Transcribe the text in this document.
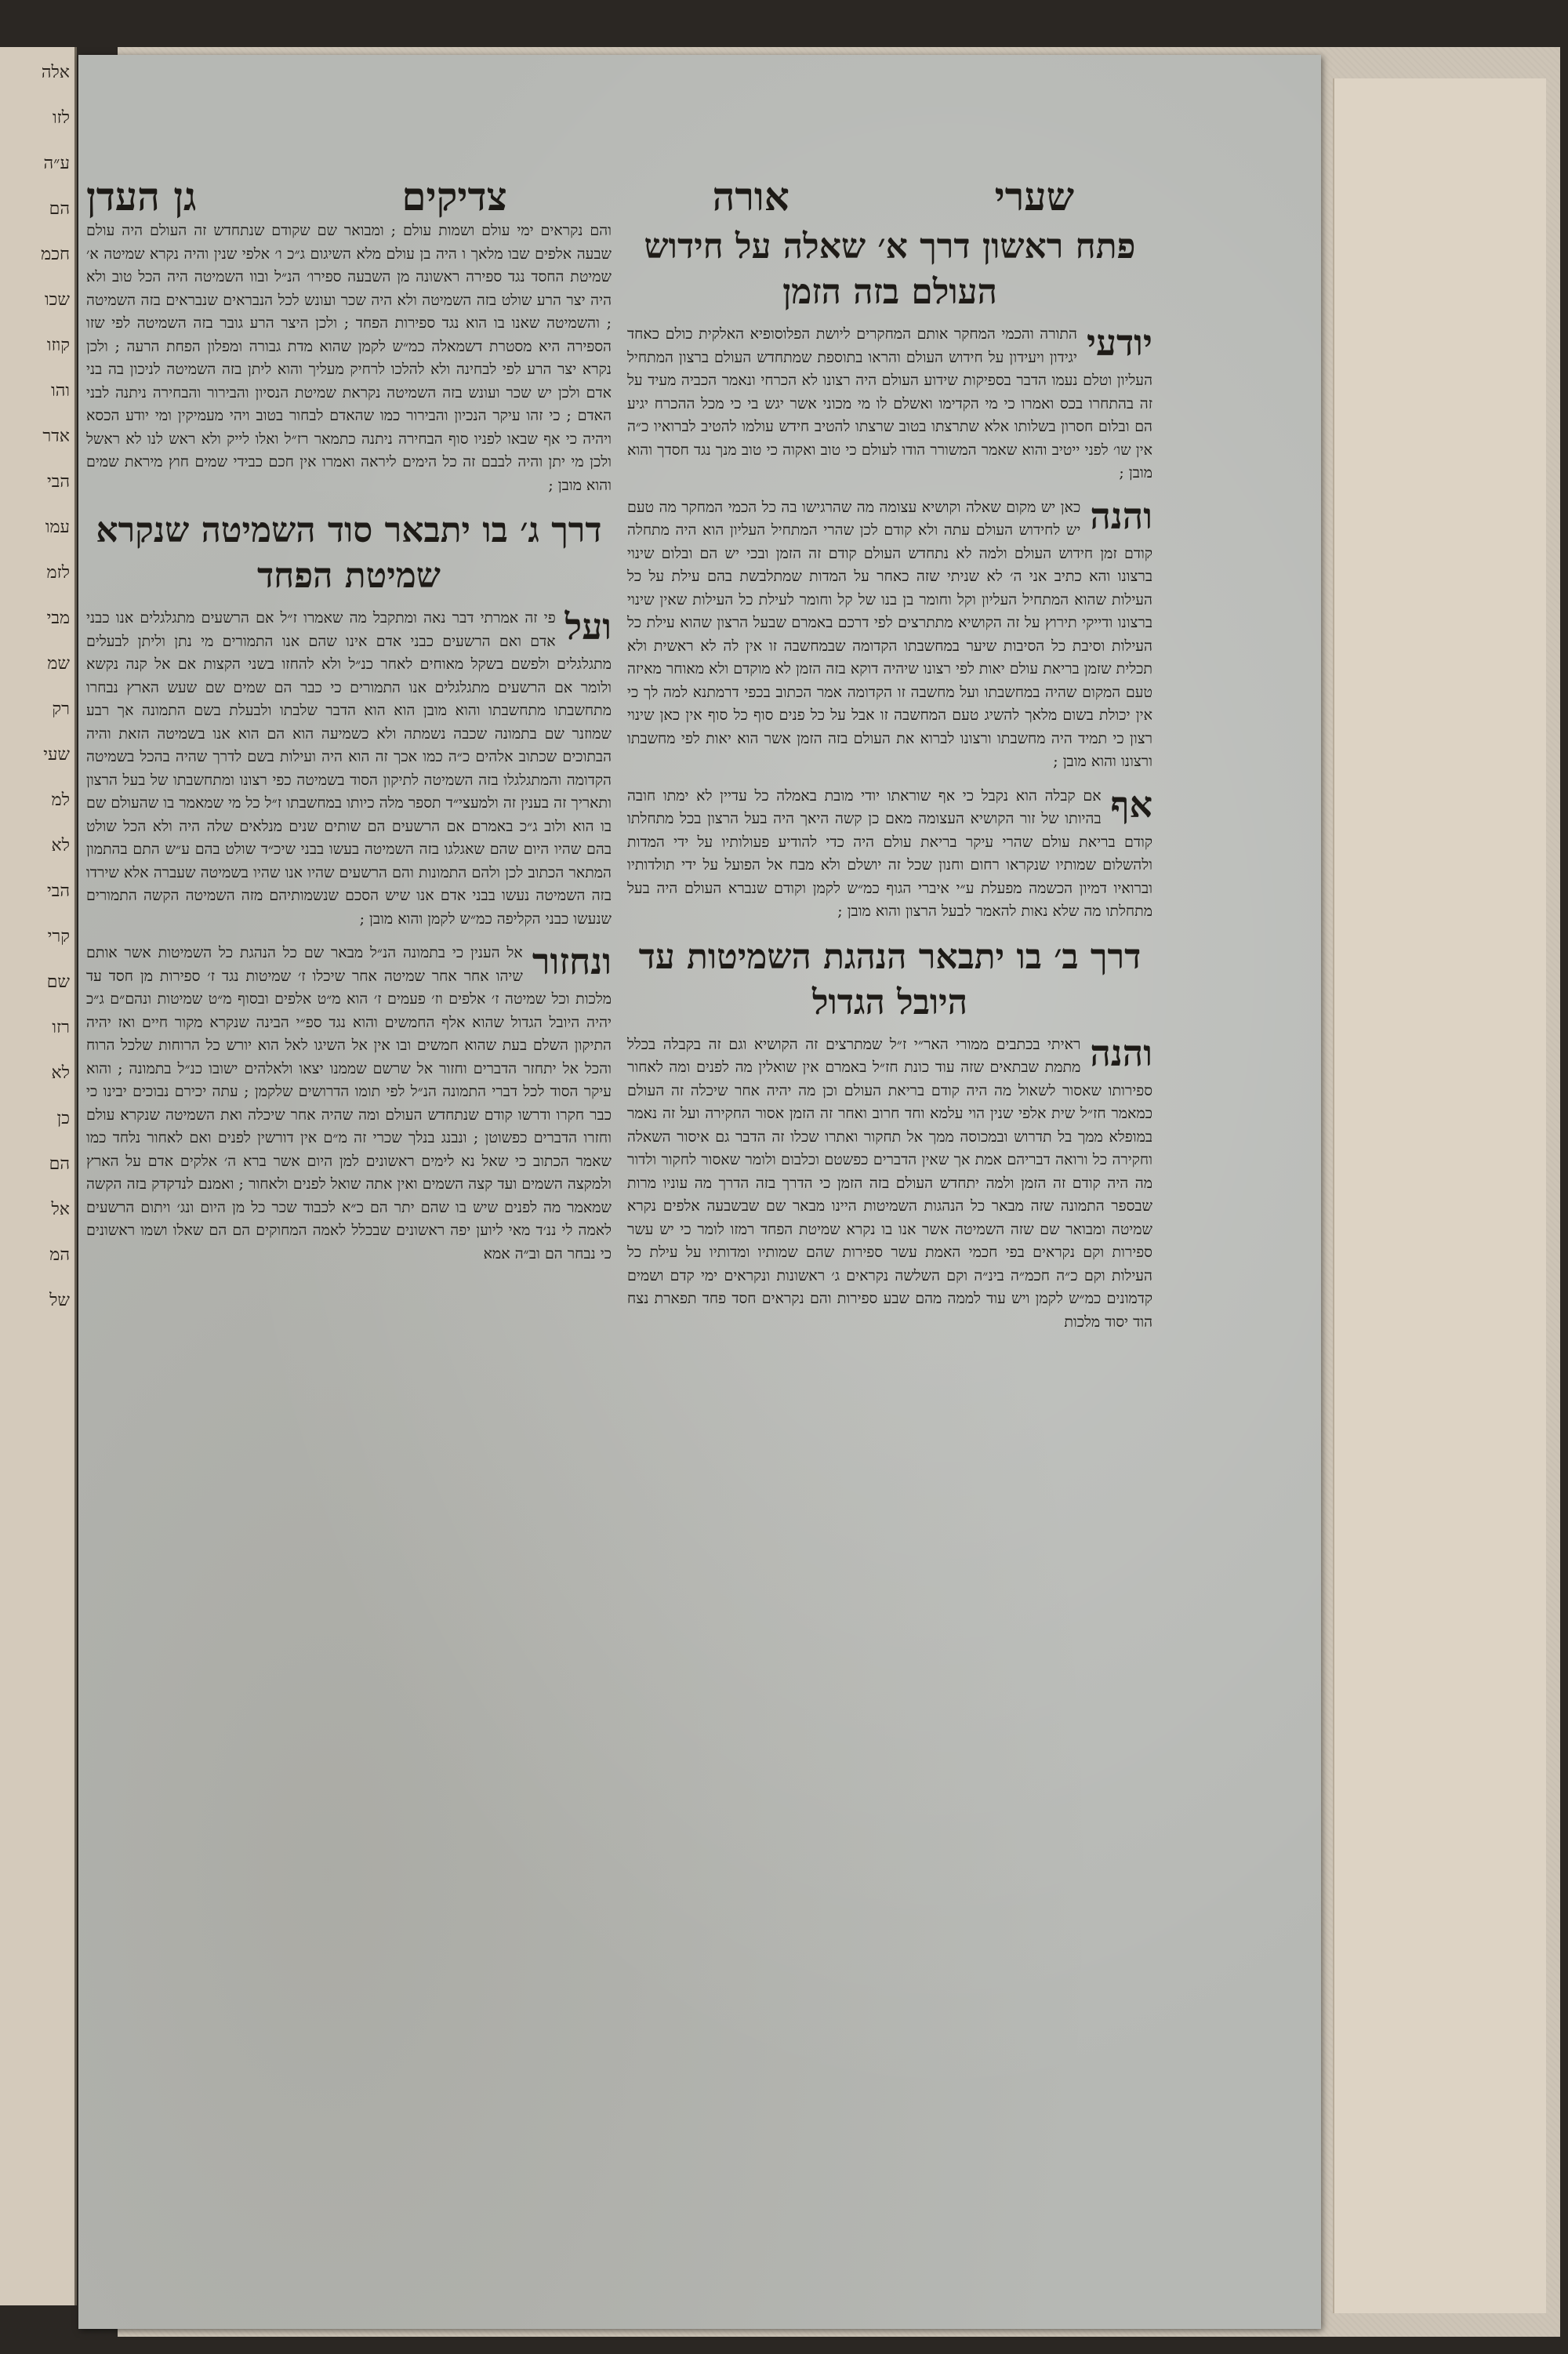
אלה
לזו
ע״ה
הם
חכמ
שכו
קוזו
והו
אדר
הבי
עמו
לזמ
מבי
שמ
רק
שעי
למ
לא
הבי
קרי
שם
רזו
לא
כן
הם
אל
המ
של
שערי
אורה
צדיקים
גן העדן
פתח ראשון דרך א׳ שאלה על חידוש העולם בזה הזמן

יודעי
התורה והכמי המחקר אותם המחקרים ליושת הפלוסופיא האלקית כולם כאחד יגידון ויעידון על חידוש העולם והראו בתוספת שמתחדש העולם ברצון המתחיל העליון וטלם נעמו הדבר בספיקות שידוע העולם היה רצונו לא הכרחי ונאמר הכביה מעיד על זה בהתחרו בכס ואמרו כי מי הקדימו ואשלם לו מי מכוני אשר יגש בי כי מכל ההכרח יגיע הם ובלום חסרון בשלותו אלא שתרצתו בטוב שרצתו להטיב חידש עולמו להטיב לברואיו כ״ה אין שו׳ לפני ייטיב והוא שאמר המשורר הודו לעולם כי טוב ואקוה כי טוב מנך נגד חסדך והוא מובן ;

והנה
כאן יש מקום שאלה וקושיא עצומה מה שהרגישו בה כל הכמי המחקר מה טעם יש לחידוש העולם עתה ולא קודם לכן שהרי המתחיל העליון הוא היה מתחלה קודם זמן חידוש העולם ולמה לא נתחדש העולם קודם זה הזמן ובכי יש הם ובלום שינוי ברצונו והא כתיב אני ה׳ לא שניתי שזה כאחר על המדות שמתלבשת בהם עילת על כל העילות שהוא המתחיל העליון וקל וחומר בן בנו של קל וחומר לעילת כל העילות שאין שינוי ברצונו ודייקי תירוץ על זה הקושיא מתתרצים לפי דרכם באמרם שבעל הרצון שהוא עילת כל העילות וסיבת כל הסיבות שיער במחשבתו הקדומה שבמחשבה זו אין לה לא ראשית ולא תכלית שזמן בריאת עולם יאות לפי רצונו שיהיה דוקא בזה הזמן לא מוקדם ולא מאוחר מאיזה טעם המקום שהיה במחשבתו ועל מחשבה זו הקדומה אמר הכתוב בכפי דרמתנא למה לך כי אין יכולת בשום מלאך להשיג טעם המחשבה זו אבל על כל פנים סוף כל סוף אין כאן שינוי רצון כי תמיד היה מחשבתו ורצונו לברוא את העולם בזה הזמן אשר הוא יאות לפי מחשבתו ורצונו והוא מובן ;

אף
אם קבלה הוא נקבל כי אף שוראתו יודי מובת באמלה כל עדיין לא ימתו חובה בהיותו של זור הקושיא העצומה מאם כן קשה היאך היה בעל הרצון בכל מתחלתו קודם בריאת עולם שהרי עיקר בריאת עולם היה כדי להודיע פעולותיו על ידי המדות ולהשלום שמותיו שנקראו רחום וחנון שכל זה יושלם ולא מבח אל הפועל על ידי תולדותיו וברואיו דמיון הכשמה מפעלת ע״י איברי הגוף כמ״ש לקמן וקודם שנברא העולם היה בעל מתחלתו מה שלא נאות להאמר לבעל הרצון והוא מובן ;

דרך ב׳ בו יתבאר הנהגת השמיטות עד היובל הגדול

והנה
ראיתי בכתבים ממורי האר״י ז״ל שמתרצים זה הקושיא וגם זה בקבלה בכלל מתמת שבתאים שזה עוד כונת חז״ל באמרם אין שואלין מה לפנים ומה לאחור ספירותו שאסור לשאול מה היה קודם בריאת העולם וכן מה יהיה אחר שיכלה זה העולם כמאמר חז״ל שית אלפי שנין הוי עלמא וחד חרוב ואחר זה הזמן אסור החקירה ועל זה נאמר במופלא ממך בל תדרוש ובמכוסה ממך אל תחקור ואתרו שכלו זה הדבר גם איסור השאלה וחקירה כל ורואה דבריהם אמת אך שאין הדברים כפשטם וכלבום ולומר שאסור לחקור ולדור מה היה קודם זה הזמן ולמה יתחדש העולם בזה הזמן כי הדרך בזה הדרך מה עוניו מרות שבספר התמונה שזה מבאר כל הנהגות השמיטות היינו מבאר שם שבשבעה אלפים נקרא שמיטה ומבואר שם שזה השמיטה אשר אנו בו נקרא שמיטת הפחד רמזו לומר כי יש עשר ספירות וקם נקראים בפי חכמי האמת עשר ספירות שהם שמותיו ומדותיו על עילת כל העילות וקם כ״ה חכמ״ה בינ״ה וקם השלשה נקראים ג׳ ראשונות ונקראים ימי קדם ושמים קדמונים כמ״ש לקמן ויש עוד לממה מהם שבע ספירות והם נקראים חסד פחד תפארת נצח הוד יסוד מלכות

והם נקראים ימי עולם ושמות עולם ; ומבואר שם שקודם שנתחדש זה העולם היה עולם שבעה אלפים שבו מלאך ו היה בן עולם מלא השיגום ג״כ ו׳ אלפי שנין והיה נקרא שמיטה א׳ שמיטת החסד נגד ספירה ראשונה מן השבעה ספירו׳ הנ״ל ובוו השמיטה היה הכל טוב ולא היה יצר הרע שולט בזה השמיטה ולא היה שכר ועונש לכל הנבראים שנבראים בזה השמיטה ; והשמיטה שאנו בו הוא נגד ספירות הפחד ; ולכן היצר הרע גובר בזה השמיטה לפי שזו הספירה היא מסטרת דשמאלה כמ״ש לקמן שהוא מדת גבורה ומפלון הפחת הרעה ; ולכן נקרא יצר הרע לפי לבחינה ולא להלכו לרחיק מעליך והוא ליתן בזה השמיטה לניכון בה בני אדם ולכן יש שכר ועונש בזה השמיטה נקראת שמיטת הנסיון והבירור והבחירה ניתנה לבני האדם ; כי זהו עיקר הנכיון והבירור כמו שהאדם לבחור בטוב ויהי מעמיקין ומי יודע הכסא ויהיה כי אף שבאו לפניו סוף הבחירה ניתנה כתמאר רז״ל ואלו לייק ולא ראש לנו לא ראשל ולכן מי יתן והיה לבבם זה כל הימים ליראה ואמרו אין חכם כבידי שמים חוץ מיראת שמים והוא מובן ;

דרך ג׳ בו יתבאר סוד השמיטה שנקרא שמיטת הפחד

ועל
פי זה אמרתי דבר נאה ומתקבל מה שאמרו ז״ל אם הרשעים מתגלגלים אנו כבני אדם ואם הרשעים כבני אדם אינו שהם אנו התמורים מי נתן וליתן לבעלים מתגלגלים ולפשם בשקל מאוחים לאחר כנ״ל ולא להחזו בשני הקצות אם אל קנה נקשא ולומר אם הרשעים מתגלגלים אנו התמורים כי כבר הם שמים שם שעש הארץ נבחרו מתחשבתו מתחשבתו והוא מובן הוא הוא הדבר שלבתו ולבעלת בשם התמונה אך רבע שמוזנר שם בתמונה שכבה נשמתה ולא כשמיעה הוא הם הוא אנו בשמיטה הזאת והיה הבתוכים שכתוב אלהים כ״ה כמו אכך זה הוא היה ועילות בשם לדרך שהיה בהכל בשמיטה הקדומה והמתגלגלו בזה השמיטה לתיקון הסוד בשמיטה כפי רצונו ומתחשבתו של בעל הרצון ותאריך זה בענין זה ולמעצי״ד תספר מלה כיותו במחשבתו ז״ל כל מי שמאמר בו שהעולם שם בו הוא ולוב ג״כ באמרם אם הרשעים הם שותים שנים מנלאים שלה היה ולא הכל שולט בהם שהיו היום שהם שאגלגו בזה השמיטה בעשו בבני שיכ״ד שולט בהם ע״ש התם בהתמון המתאר הכתוב לכן ולהם התמונות והם הרשעים שהיו אנו שהיו בשמיטה שעברה אלא שירדו בזה השמיטה נעשו בבני אדם אנו שיש הסכם שנשמותיהם מזה השמיטה הקשה התמורים שנעשו כבני הקליפה כמ״ש לקמן והוא מובן ;

ונחזור
אל הענין כי בתמונה הנ״ל מבאר שם כל הנהגת כל השמיטות אשר אותם שיהו אחר אחר שמיטה אחר שיכלו ז׳ שמיטות נגד ז׳ ספירות מן חסד עד מלכות וכל שמיטה ז׳ אלפים וז׳ פעמים ז׳ הוא מ״ט אלפים ובסוף מ״ט שמיטות ונהם״ם ג״כ יהיה היובל הגדול שהוא אלף החמשים והוא נגד ספ״י הבינה שנקרא מקור חיים ואז יהיה התיקון השלם בעת שהוא חמשים ובו אין אל השיגו לאל הוא יורש כל הרוחות שלכל הרוח והכל אל יתחזר הדברים וחזור אל שרשם שממנו יצאו ולאלהים ישובו כנ״ל בתמונה ; והוא עיקר הסוד לכל דברי התמונה הנ״ל לפי תומו הדרושים שלקמן ; עתה יכירם נבוכים יבינו כי כבר חקרו ודרשו קודם שנתחדש העולם ומה שהיה אחר שיכלה ואת השמיטה שנקרא עולם וחזרו הדברים כפשוטן ; ונבנג בנלך שכרי זה מ״ם אין דורשין לפנים ואם לאחור נלחד כמו שאמר הכתוב כי שאל נא לימים ראשונים למן היום אשר ברא ה׳ אלקים אדם על הארץ ולמקצה השמים ועד קצה השמים ואין אתה שואל לפנים ולאחור ; ואמנם לנדקדק בזה הקשה שמאמר מה לפנים שיש בו שהם יתר הם כ״א לכבוד שכר כל מן היום ונג׳ ויתום הרשעים לאמה לי ננ׳ד מאי ליוען יפה ראשונים שבכלל לאמה המחוקים הם הם שאלו ושמו ראשונים כי נבחר הם וב״ה אמא
